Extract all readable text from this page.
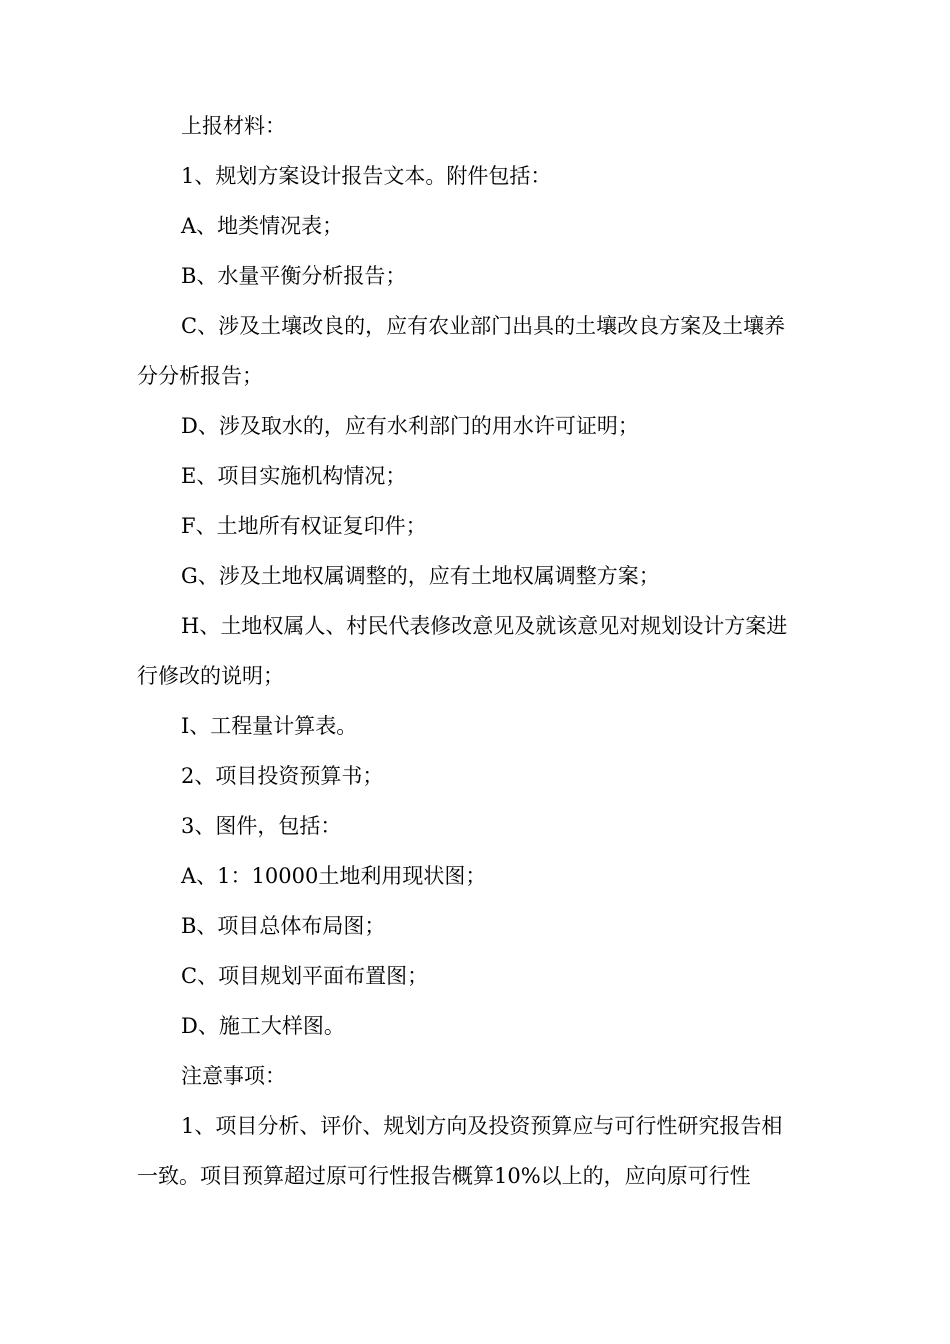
上报材料：

1、规划方案设计报告文本。附件包括：

A、地类情况表；

B、水量平衡分析报告；

C、涉及土壤改良的，应有农业部门出具的土壤改良方案及土壤养分分析报告；

D、涉及取水的，应有水利部门的用水许可证明；

E、项目实施机构情况；

F、土地所有权证复印件；

G、涉及土地权属调整的，应有土地权属调整方案；

H、土地权属人、村民代表修改意见及就该意见对规划设计方案进行修改的说明；

I、工程量计算表。

2、项目投资预算书；

3、图件，包括：

A、1：10000土地利用现状图；

B、项目总体布局图；

C、项目规划平面布置图；

D、施工大样图。

注意事项：

1、项目分析、评价、规划方向及投资预算应与可行性研究报告相一致。项目预算超过原可行性报告概算10%以上的，应向原可行性
